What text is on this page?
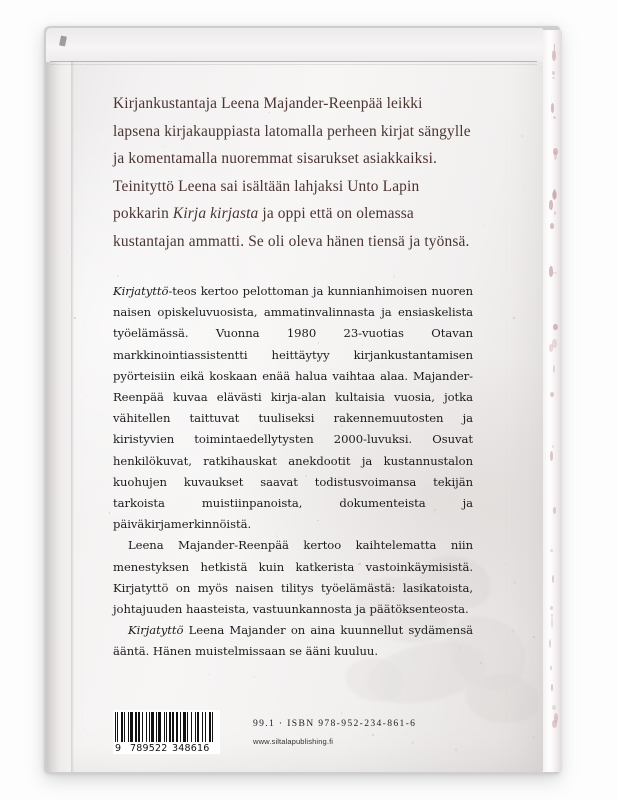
Kirjankustantaja Leena Majander-Reenpää leikki lapsena kirjakauppiasta latomalla perheen kirjat sängylle ja komentamalla nuoremmat sisarukset asiakkaiksi. Teinityttö Leena sai isältään lahjaksi Unto Lapin pokkarin Kirja kirjasta ja oppi että on olemassa kustantajan ammatti. Se oli oleva hänen tiensä ja työnsä.

Kirjatyttö-teos kertoo pelottoman ja kunnianhimoisen nuoren naisen opiskeluvuosista, ammatinvalinnasta ja ensiaskelista työelämässä. Vuonna 1980 23-vuotias Otavan markkinointiassistentti heittäytyy kirjankustantamisen pyörteisiin eikä koskaan enää halua vaihtaa alaa. Majander-Reenpää kuvaa elävästi kirja-alan kultaisia vuosia, jotka vähitellen taittuvat tuuliseksi rakennemuutosten ja kiristyvien toimintaedellytysten 2000-luvuksi. Osuvat henkilökuvat, ratkihauskat anekdootit ja kustannustalon kuohujen kuvaukset saavat todistusvoimansa tekijän tarkoista muistiinpanoista, dokumenteista ja päiväkirjamerkinnöistä.

Leena Majander-Reenpää kertoo kaihtelematta niin menestyksen hetkistä kuin katkerista vastoinkäymisistä. Kirjatyttö on myös naisen tilitys työelämästä: lasikatoista, johtajuuden haasteista, vastuunkannosta ja päätöksenteosta.

Kirjatyttö Leena Majander on aina kuunnellut sydämensä ääntä. Hänen muistelmissaan se ääni kuuluu.

9 789522 348616
99.1 · ISBN 978-952-234-861-6
www.siltalapublishing.fi
